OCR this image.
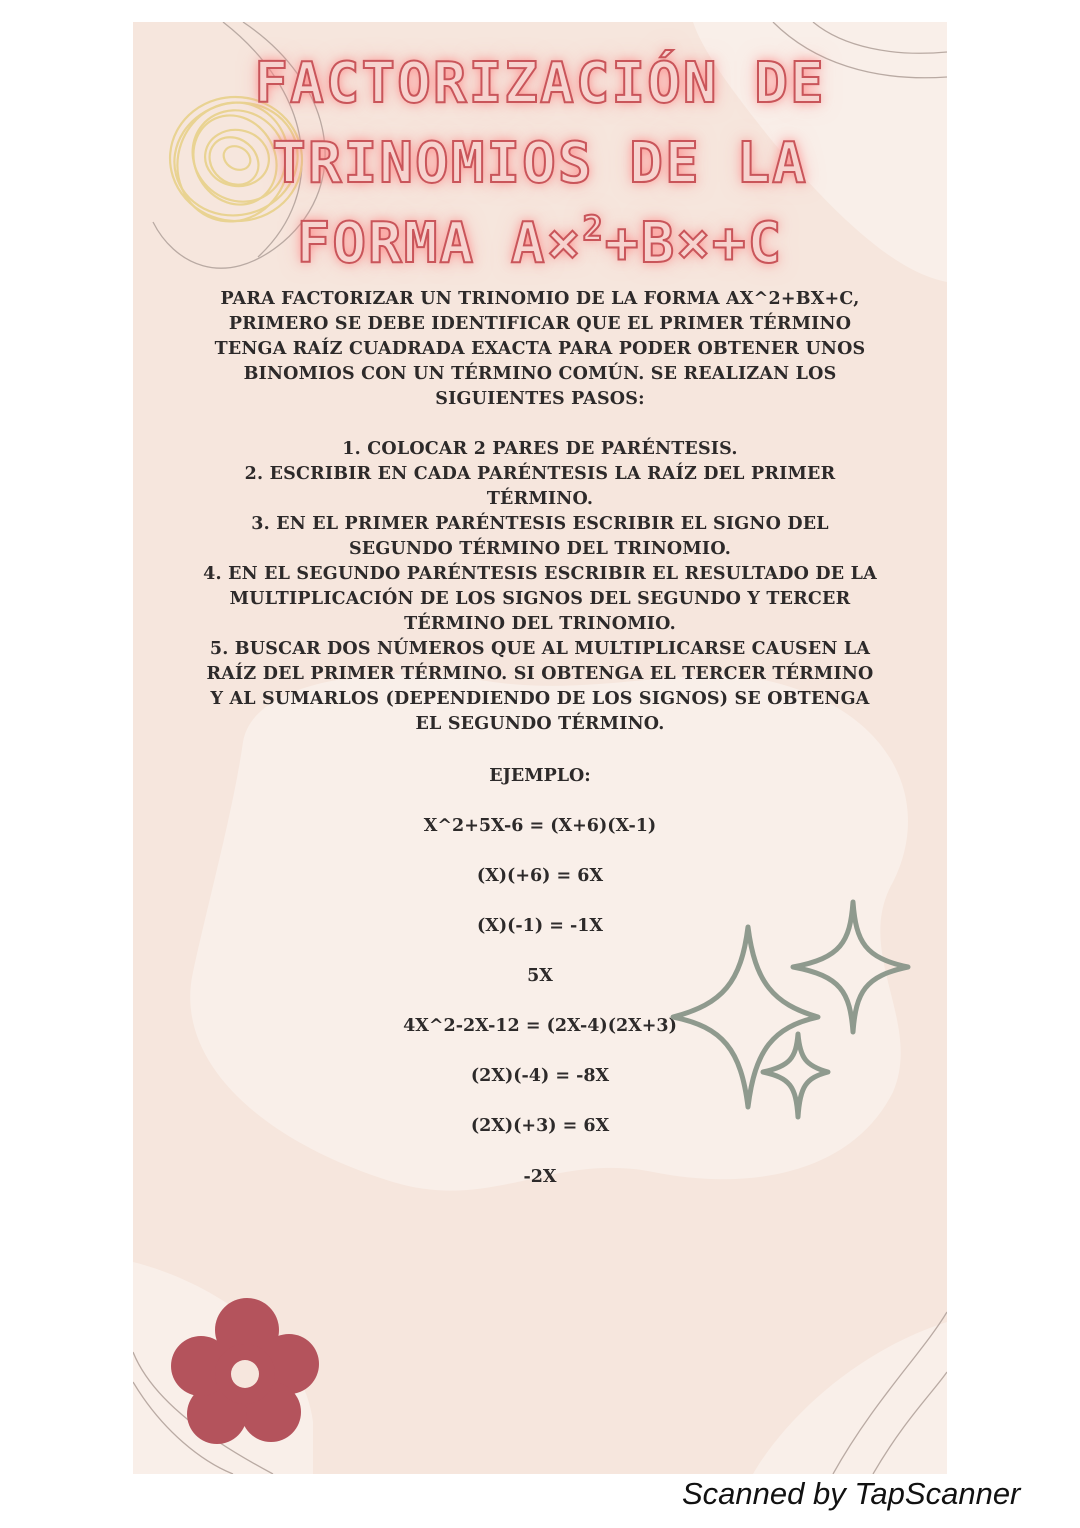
FACTORIZACIÓN DE
TRINOMIOS DE LA
FORMA A×$^2$+B×+C

PARA FACTORIZAR UN TRINOMIO DE LA FORMA AX^2+BX+C, PRIMERO SE DEBE IDENTIFICAR QUE EL PRIMER TÉRMINO TENGA RAÍZ CUADRADA EXACTA PARA PODER OBTENER UNOS BINOMIOS CON UN TÉRMINO COMÚN. SE REALIZAN LOS SIGUIENTES PASOS:

1. COLOCAR 2 PARES DE PARÉNTESIS.

2. ESCRIBIR EN CADA PARÉNTESIS LA RAÍZ DEL PRIMER TÉRMINO.

3. EN EL PRIMER PARÉNTESIS ESCRIBIR EL SIGNO DEL SEGUNDO TÉRMINO DEL TRINOMIO.

4. EN EL SEGUNDO PARÉNTESIS ESCRIBIR EL RESULTADO DE LA MULTIPLICACIÓN DE LOS SIGNOS DEL SEGUNDO Y TERCER TÉRMINO DEL TRINOMIO.

5. BUSCAR DOS NÚMEROS QUE AL MULTIPLICARSE CAUSEN LA RAÍZ DEL PRIMER TÉRMINO. SI OBTENGA EL TERCER TÉRMINO Y AL SUMARLOS (DEPENDIENDO DE LOS SIGNOS) SE OBTENGA EL SEGUNDO TÉRMINO.

EJEMPLO:
X^2+5X-6 = (X+6)(X-1)
(X)(+6) = 6X
(X)(-1) = -1X
5X
4X^2-2X-12 = (2X-4)(2X+3)
(2X)(-4) = -8X
(2X)(+3) = 6X
-2X
Scanned by TapScanner
